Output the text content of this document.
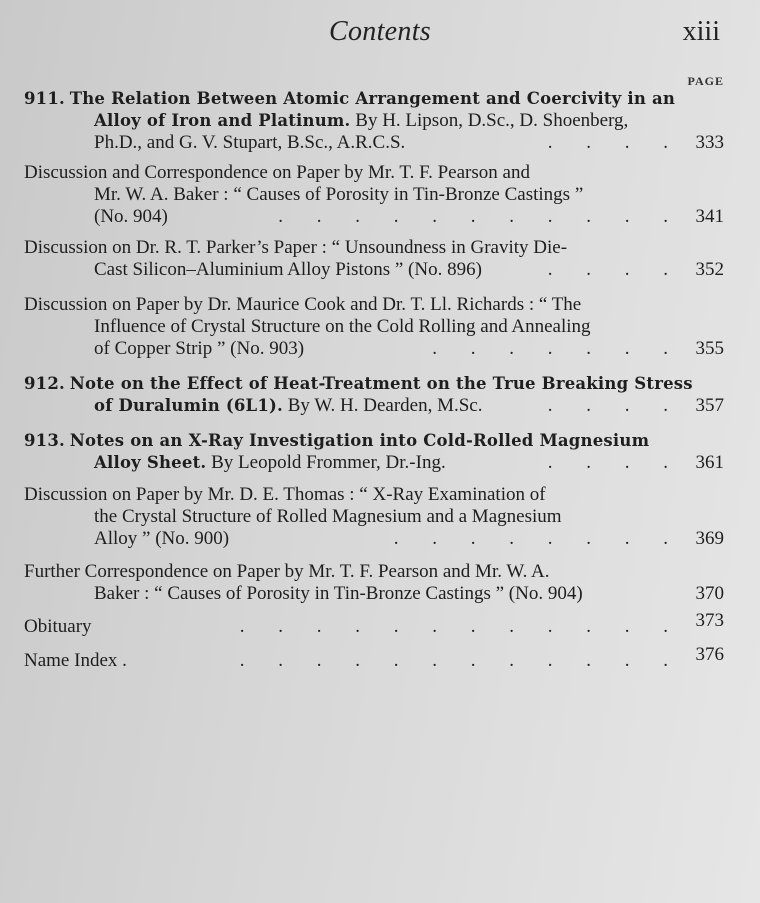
Contents	xiii
PAGE
911. The Relation Between Atomic Arrangement and Coercivity in an
Alloy of Iron and Platinum. By H. Lipson, D.Sc., D. Shoenberg,
Ph.D., and G. V. Stupart, B.Sc., A.R.C.S.	. . . .	333
Discussion and Correspondence on Paper by Mr. T. F. Pearson and
Mr. W. A. Baker : “ Causes of Porosity in Tin-Bronze Castings ”
(No. 904)	. . . . . . . . . . .	341
Discussion on Dr. R. T. Parker’s Paper : “ Unsoundness in Gravity Die-
Cast Silicon–Aluminium Alloy Pistons ” (No. 896)	. . . .	352
Discussion on Paper by Dr. Maurice Cook and Dr. T. Ll. Richards : “ The
Influence of Crystal Structure on the Cold Rolling and Annealing
of Copper Strip ” (No. 903)	. . . . . . .	355
912. Note on the Effect of Heat-Treatment on the True Breaking Stress
of Duralumin (6L1). By W. H. Dearden, M.Sc.	. . . .	357
913. Notes on an X-Ray Investigation into Cold-Rolled Magnesium
Alloy Sheet. By Leopold Frommer, Dr.-Ing.	. . . .	361
Discussion on Paper by Mr. D. E. Thomas : “ X-Ray Examination of
the Crystal Structure of Rolled Magnesium and a Magnesium
Alloy ” (No. 900)	. . . . . . . .	369
Further Correspondence on Paper by Mr. T. F. Pearson and Mr. W. A.
Baker : “ Causes of Porosity in Tin-Bronze Castings ” (No. 904)	370
Obituary	. . . . . . . . . . . .	373
Name Index .	. . . . . . . . . . . .	376
